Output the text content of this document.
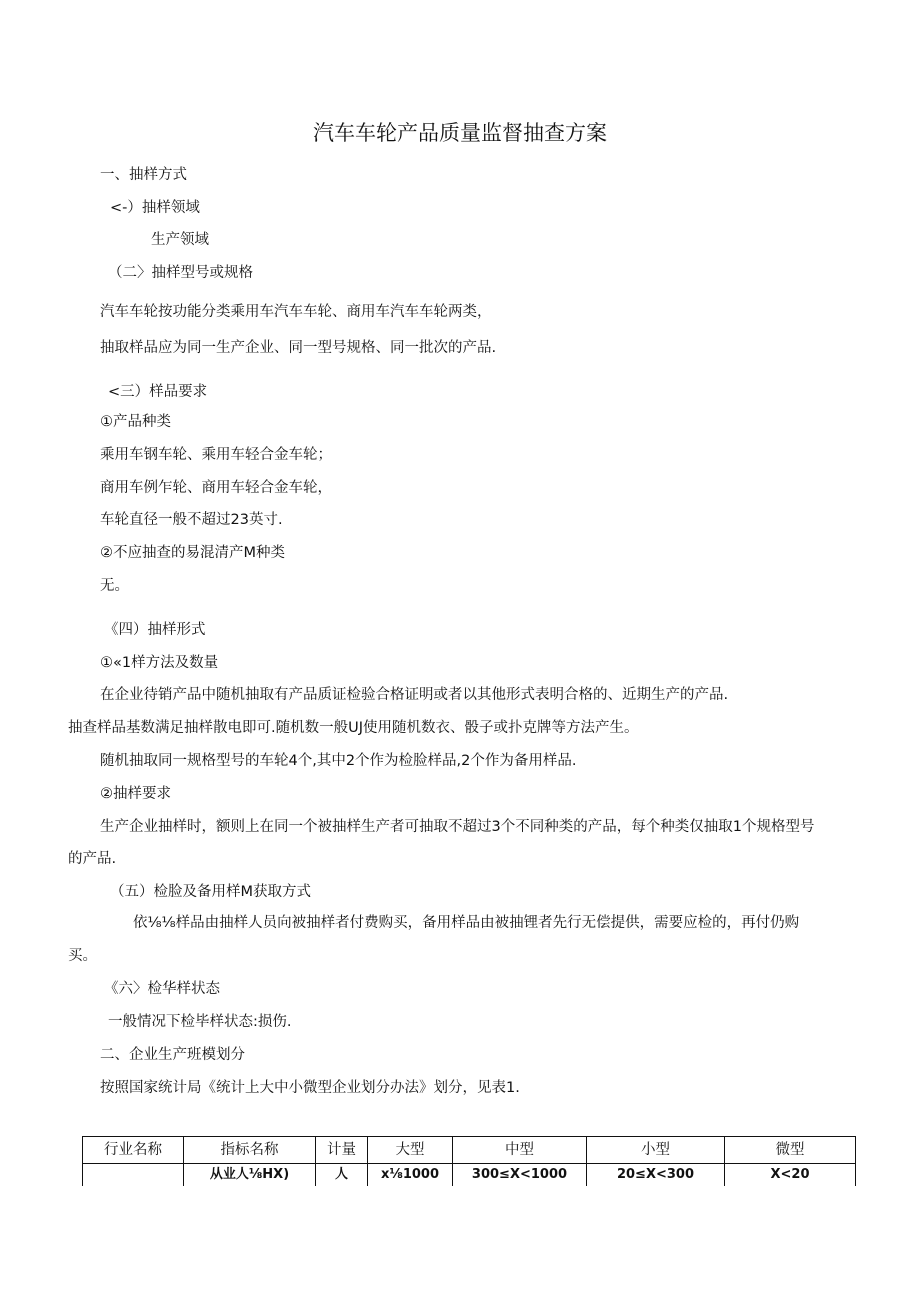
汽车车轮产品质量监督抽查方案
一、抽样方式
<-）抽样领域
生产领域
（二〉抽样型号或规格
汽车车轮按功能分类乘用车汽车车轮、商用车汽车车轮两类，
抽取样品应为同一生产企业、同一型号规格、同一批次的产品.
<三）样品要求
①产品种类
乘用车钢车轮、乘用车轻合金车轮；
商用车例乍轮、商用车轻合金车轮，
车轮直径一般不超过23英寸.
②不应抽查的易混清产M种类
无。
《四）抽样形式
①«1样方法及数量
在企业待销产品中随机抽取有产品质证检验合格证明或者以其他形式表明合格的、近期生产的产品.
抽查样品基数满足抽样散电即可.随机数一般UJ使用随机数衣、骰子或扑克牌等方法产生。
随机抽取同一规格型号的车轮4个,其中2个作为检脸样品,2个作为备用样品.
②抽样要求
生产企业抽样时，额则上在同一个被抽样生产者可抽取不超过3个不同种类的产品，每个种类仅抽取1个规格型号
的产品.
（五）检脸及备用样M获取方式
依⅛⅛样品由抽样人员向被抽样者付费购买，备用样品由被抽锂者先行无偿提供，需要应检的，再付仍购
买。
《六〉检华样状态
一般情况下检毕样状态:损伤.
二、企业生产班模划分
按照国家统计局《统计上大中小微型企业划分办法》划分，见表1.
行业名称	指标名称	计量	大型	中型	小型	微型
	从业人⅛HX)	人	x⅛1000	300≤X<1000	20≤X<300	X<20
